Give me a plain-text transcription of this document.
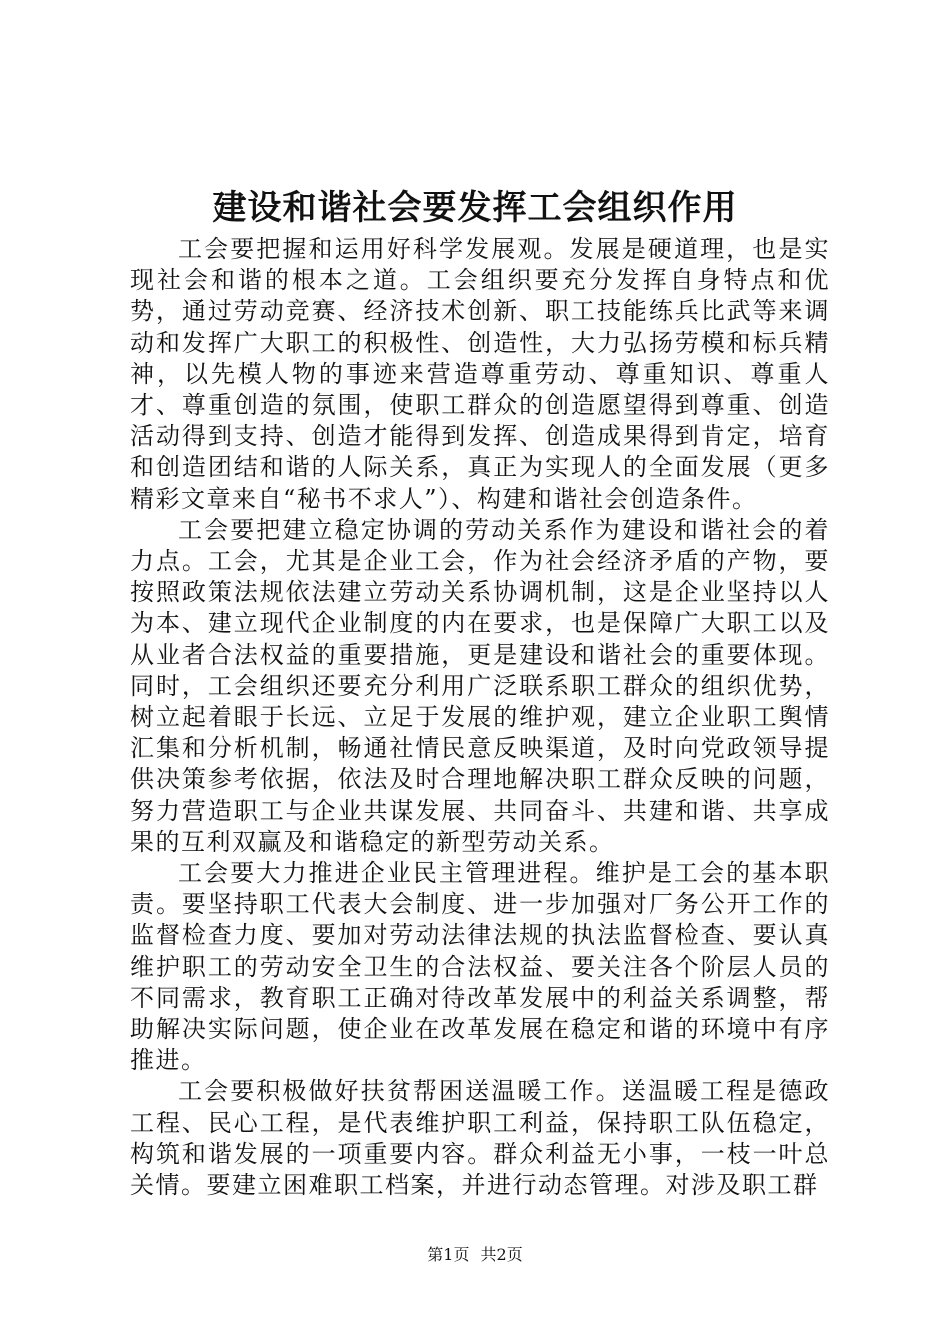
建设和谐社会要发挥工会组织作用

工会要把握和运用好科学发展观。发展是硬道理，也是实现社会和谐的根本之道。工会组织要充分发挥自身特点和优势，通过劳动竞赛、经济技术创新、职工技能练兵比武等来调动和发挥广大职工的积极性、创造性，大力弘扬劳模和标兵精神，以先模人物的事迹来营造尊重劳动、尊重知识、尊重人才、尊重创造的氛围，使职工群众的创造愿望得到尊重、创造活动得到支持、创造才能得到发挥、创造成果得到肯定，培育和创造团结和谐的人际关系，真正为实现人的全面发展（更多精彩文章来自“秘书不求人”）、构建和谐社会创造条件。

工会要把建立稳定协调的劳动关系作为建设和谐社会的着力点。工会，尤其是企业工会，作为社会经济矛盾的产物，要按照政策法规依法建立劳动关系协调机制，这是企业坚持以人为本、建立现代企业制度的内在要求，也是保障广大职工以及从业者合法权益的重要措施，更是建设和谐社会的重要体现。同时，工会组织还要充分利用广泛联系职工群众的组织优势，树立起着眼于长远、立足于发展的维护观，建立企业职工舆情汇集和分析机制，畅通社情民意反映渠道，及时向党政领导提供决策参考依据，依法及时合理地解决职工群众反映的问题，努力营造职工与企业共谋发展、共同奋斗、共建和谐、共享成果的互利双赢及和谐稳定的新型劳动关系。

工会要大力推进企业民主管理进程。维护是工会的基本职责。要坚持职工代表大会制度、进一步加强对厂务公开工作的监督检查力度、要加对劳动法律法规的执法监督检查、要认真维护职工的劳动安全卫生的合法权益、要关注各个阶层人员的不同需求，教育职工正确对待改革发展中的利益关系调整，帮助解决实际问题，使企业在改革发展在稳定和谐的环境中有序推进。

工会要积极做好扶贫帮困送温暖工作。送温暖工程是德政工程、民心工程，是代表维护职工利益，保持职工队伍稳定，构筑和谐发展的一项重要内容。群众利益无小事，一枝一叶总关情。要建立困难职工档案，并进行动态管理。对涉及职工群

第1页 共2页
